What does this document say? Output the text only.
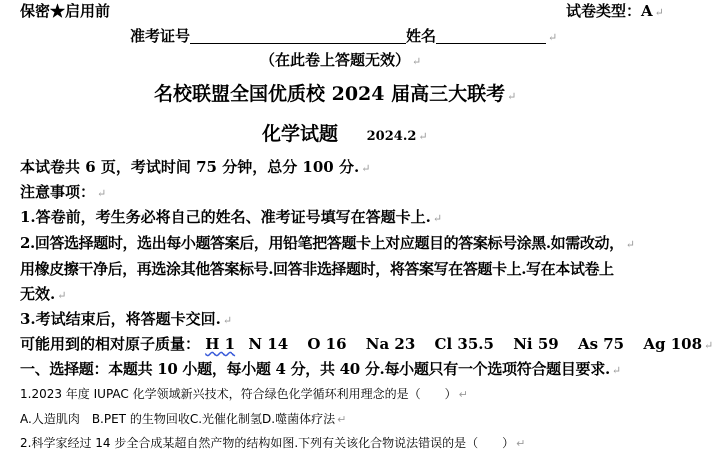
保密★启用前	试卷类型：A ↵
准考证号	姓名	↵
（在此卷上答题无效） ↵
名校联盟全国优质校 2024 届高三大联考 ↵
化学试题 2024.2 ↵
本试卷共 6 页，考试时间 75 分钟，总分 100 分. ↵
注意事项： ↵
1.答卷前，考生务必将自己的姓名、准考证号填写在答题卡上. ↵
2.回答选择题时，选出每小题答案后，用铅笔把答题卡上对应题目的答案标号涂黑.如需改动， ↵
用橡皮擦干净后，再选涂其他答案标号.回答非选择题时，将答案写在答题卡上.写在本试卷上
无效. ↵
3.考试结束后，将答题卡交回. ↵
可能用到的相对原子质量： H 1 N 14 O 16 Na 23 Cl 35.5 Ni 59 As 75 Ag 108 ↵
一、选择题：本题共 10 小题，每小题 4 分，共 40 分.每小题只有一个选项符合题目要求. ↵
1.2023 年度 IUPAC 化学领域新兴技术，符合绿色化学循环利用理念的是（　　） ↵
A.人造肌肉　B.PET 的生物回收C.光催化制氢D.噬菌体疗法 ↵
2.科学家经过 14 步全合成某超自然产物的结构如图.下列有关该化合物说法错误的是（　　） ↵
